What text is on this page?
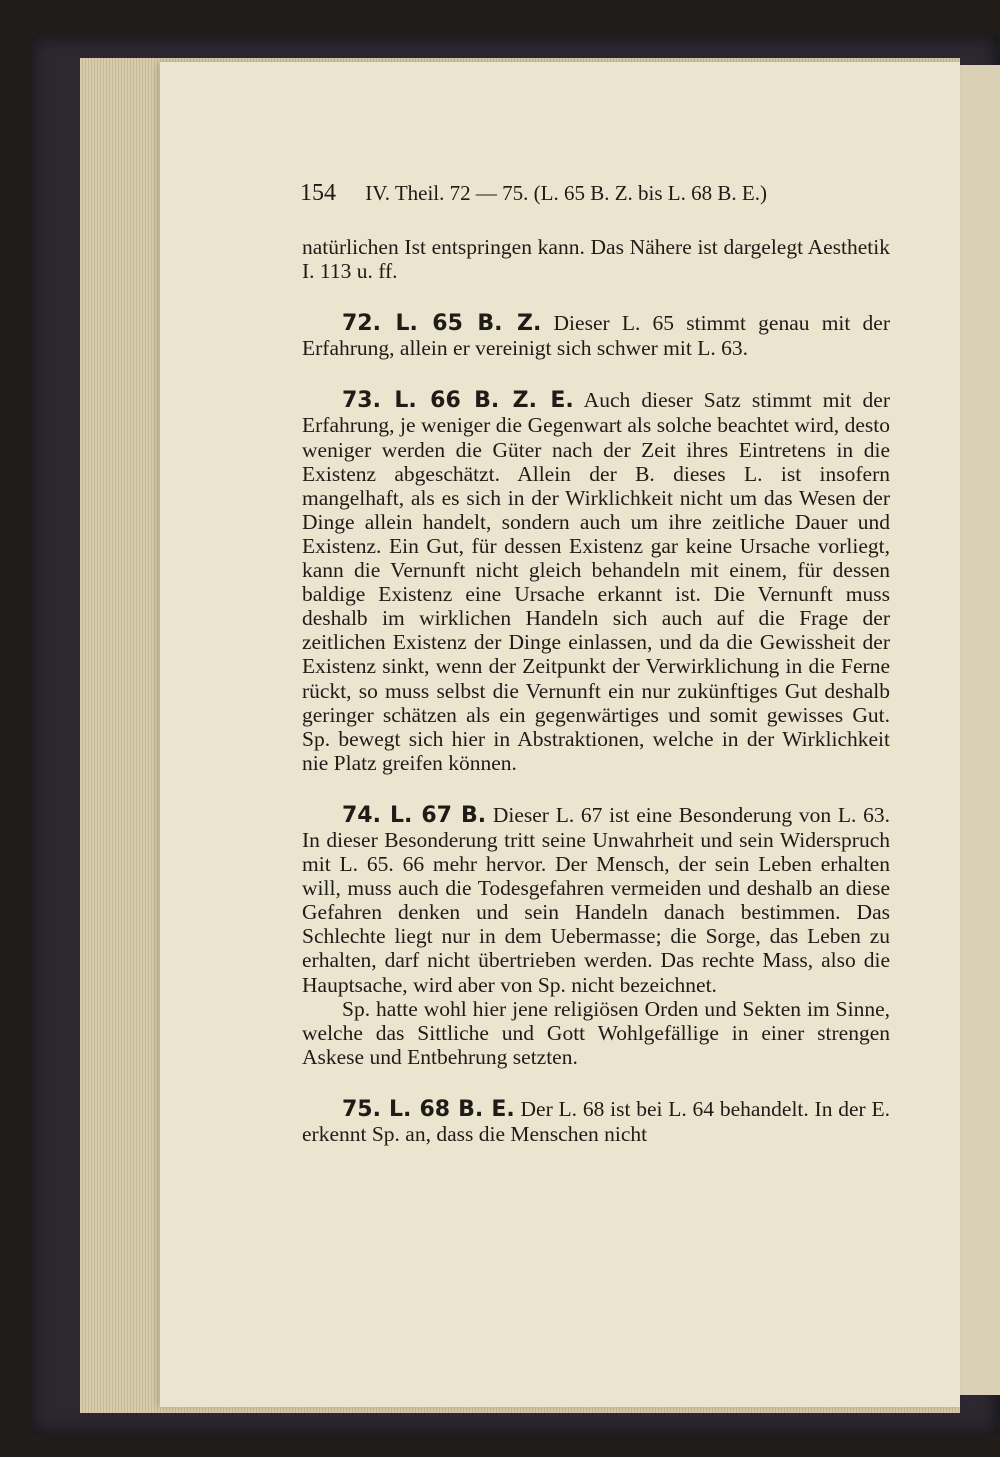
154 IV. Theil. 72 — 75. (L. 65 B. Z. bis L. 68 B. E.)

natürlichen Ist entspringen kann. Das Nähere ist dargelegt Aesthetik I. 113 u. ff.

72. L. 65 B. Z. Dieser L. 65 stimmt genau mit der Erfahrung, allein er vereinigt sich schwer mit L. 63.

73. L. 66 B. Z. E. Auch dieser Satz stimmt mit der Erfahrung, je weniger die Gegenwart als solche beachtet wird, desto weniger werden die Güter nach der Zeit ihres Eintretens in die Existenz abgeschätzt. Allein der B. dieses L. ist insofern mangelhaft, als es sich in der Wirklichkeit nicht um das Wesen der Dinge allein handelt, sondern auch um ihre zeitliche Dauer und Existenz. Ein Gut, für dessen Existenz gar keine Ursache vorliegt, kann die Vernunft nicht gleich behandeln mit einem, für dessen baldige Existenz eine Ursache erkannt ist. Die Vernunft muss deshalb im wirklichen Handeln sich auch auf die Frage der zeitlichen Existenz der Dinge einlassen, und da die Gewissheit der Existenz sinkt, wenn der Zeitpunkt der Verwirklichung in die Ferne rückt, so muss selbst die Vernunft ein nur zukünftiges Gut deshalb geringer schätzen als ein gegenwärtiges und somit gewisses Gut. Sp. bewegt sich hier in Abstraktionen, welche in der Wirklichkeit nie Platz greifen können.

74. L. 67 B. Dieser L. 67 ist eine Besonderung von L. 63. In dieser Besonderung tritt seine Unwahrheit und sein Widerspruch mit L. 65. 66 mehr hervor. Der Mensch, der sein Leben erhalten will, muss auch die Todesgefahren vermeiden und deshalb an diese Gefahren denken und sein Handeln danach bestimmen. Das Schlechte liegt nur in dem Uebermasse; die Sorge, das Leben zu erhalten, darf nicht übertrieben werden. Das rechte Mass, also die Hauptsache, wird aber von Sp. nicht bezeichnet.

Sp. hatte wohl hier jene religiösen Orden und Sekten im Sinne, welche das Sittliche und Gott Wohlgefällige in einer strengen Askese und Entbehrung setzten.

75. L. 68 B. E. Der L. 68 ist bei L. 64 behandelt. In der E. erkennt Sp. an, dass die Menschen nicht
